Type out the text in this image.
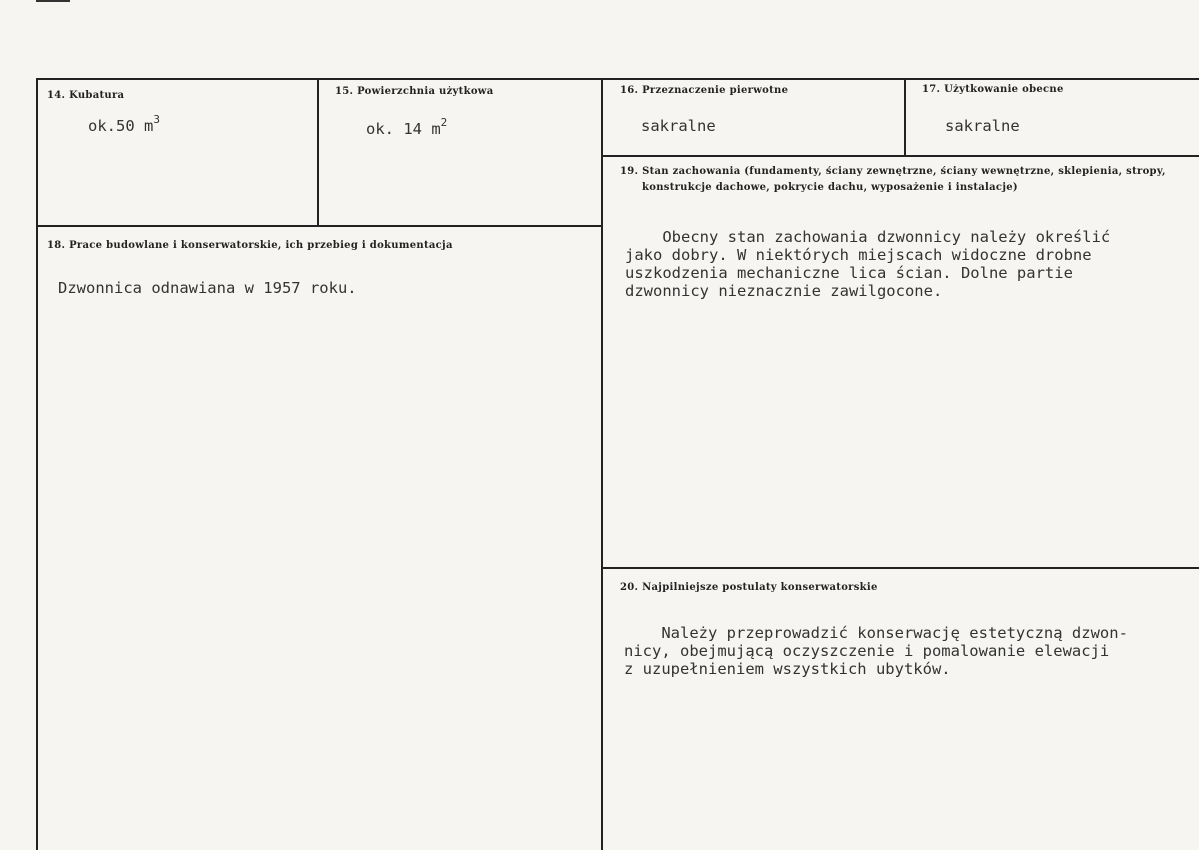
14. Kubatura
ok.50 $m^3$
15. Powierzchnia użytkowa
ok. 14 $m^2$
16. Przeznaczenie pierwotne
sakralne
17. Użytkowanie obecne
sakralne
18. Prace budowlane i konserwatorskie, ich przebieg i dokumentacja
Dzwonnica odnawiana w 1957 roku.
19. Stan zachowania (fundamenty, ściany zewnętrzne, ściany wewnętrzne, sklepienia, stropy,
konstrukcje dachowe, pokrycie dachu, wyposażenie i instalacje)
Obecny stan zachowania dzwonnicy należy określić
jako dobry. W niektórych miejscach widoczne drobne
uszkodzenia mechaniczne lica ścian. Dolne partie
dzwonnicy nieznacznie zawilgocone.
20. Najpilniejsze postulaty konserwatorskie
Należy przeprowadzić konserwację estetyczną dzwon-
nicy, obejmującą oczyszczenie i pomalowanie elewacji
z uzupełnieniem wszystkich ubytków.
